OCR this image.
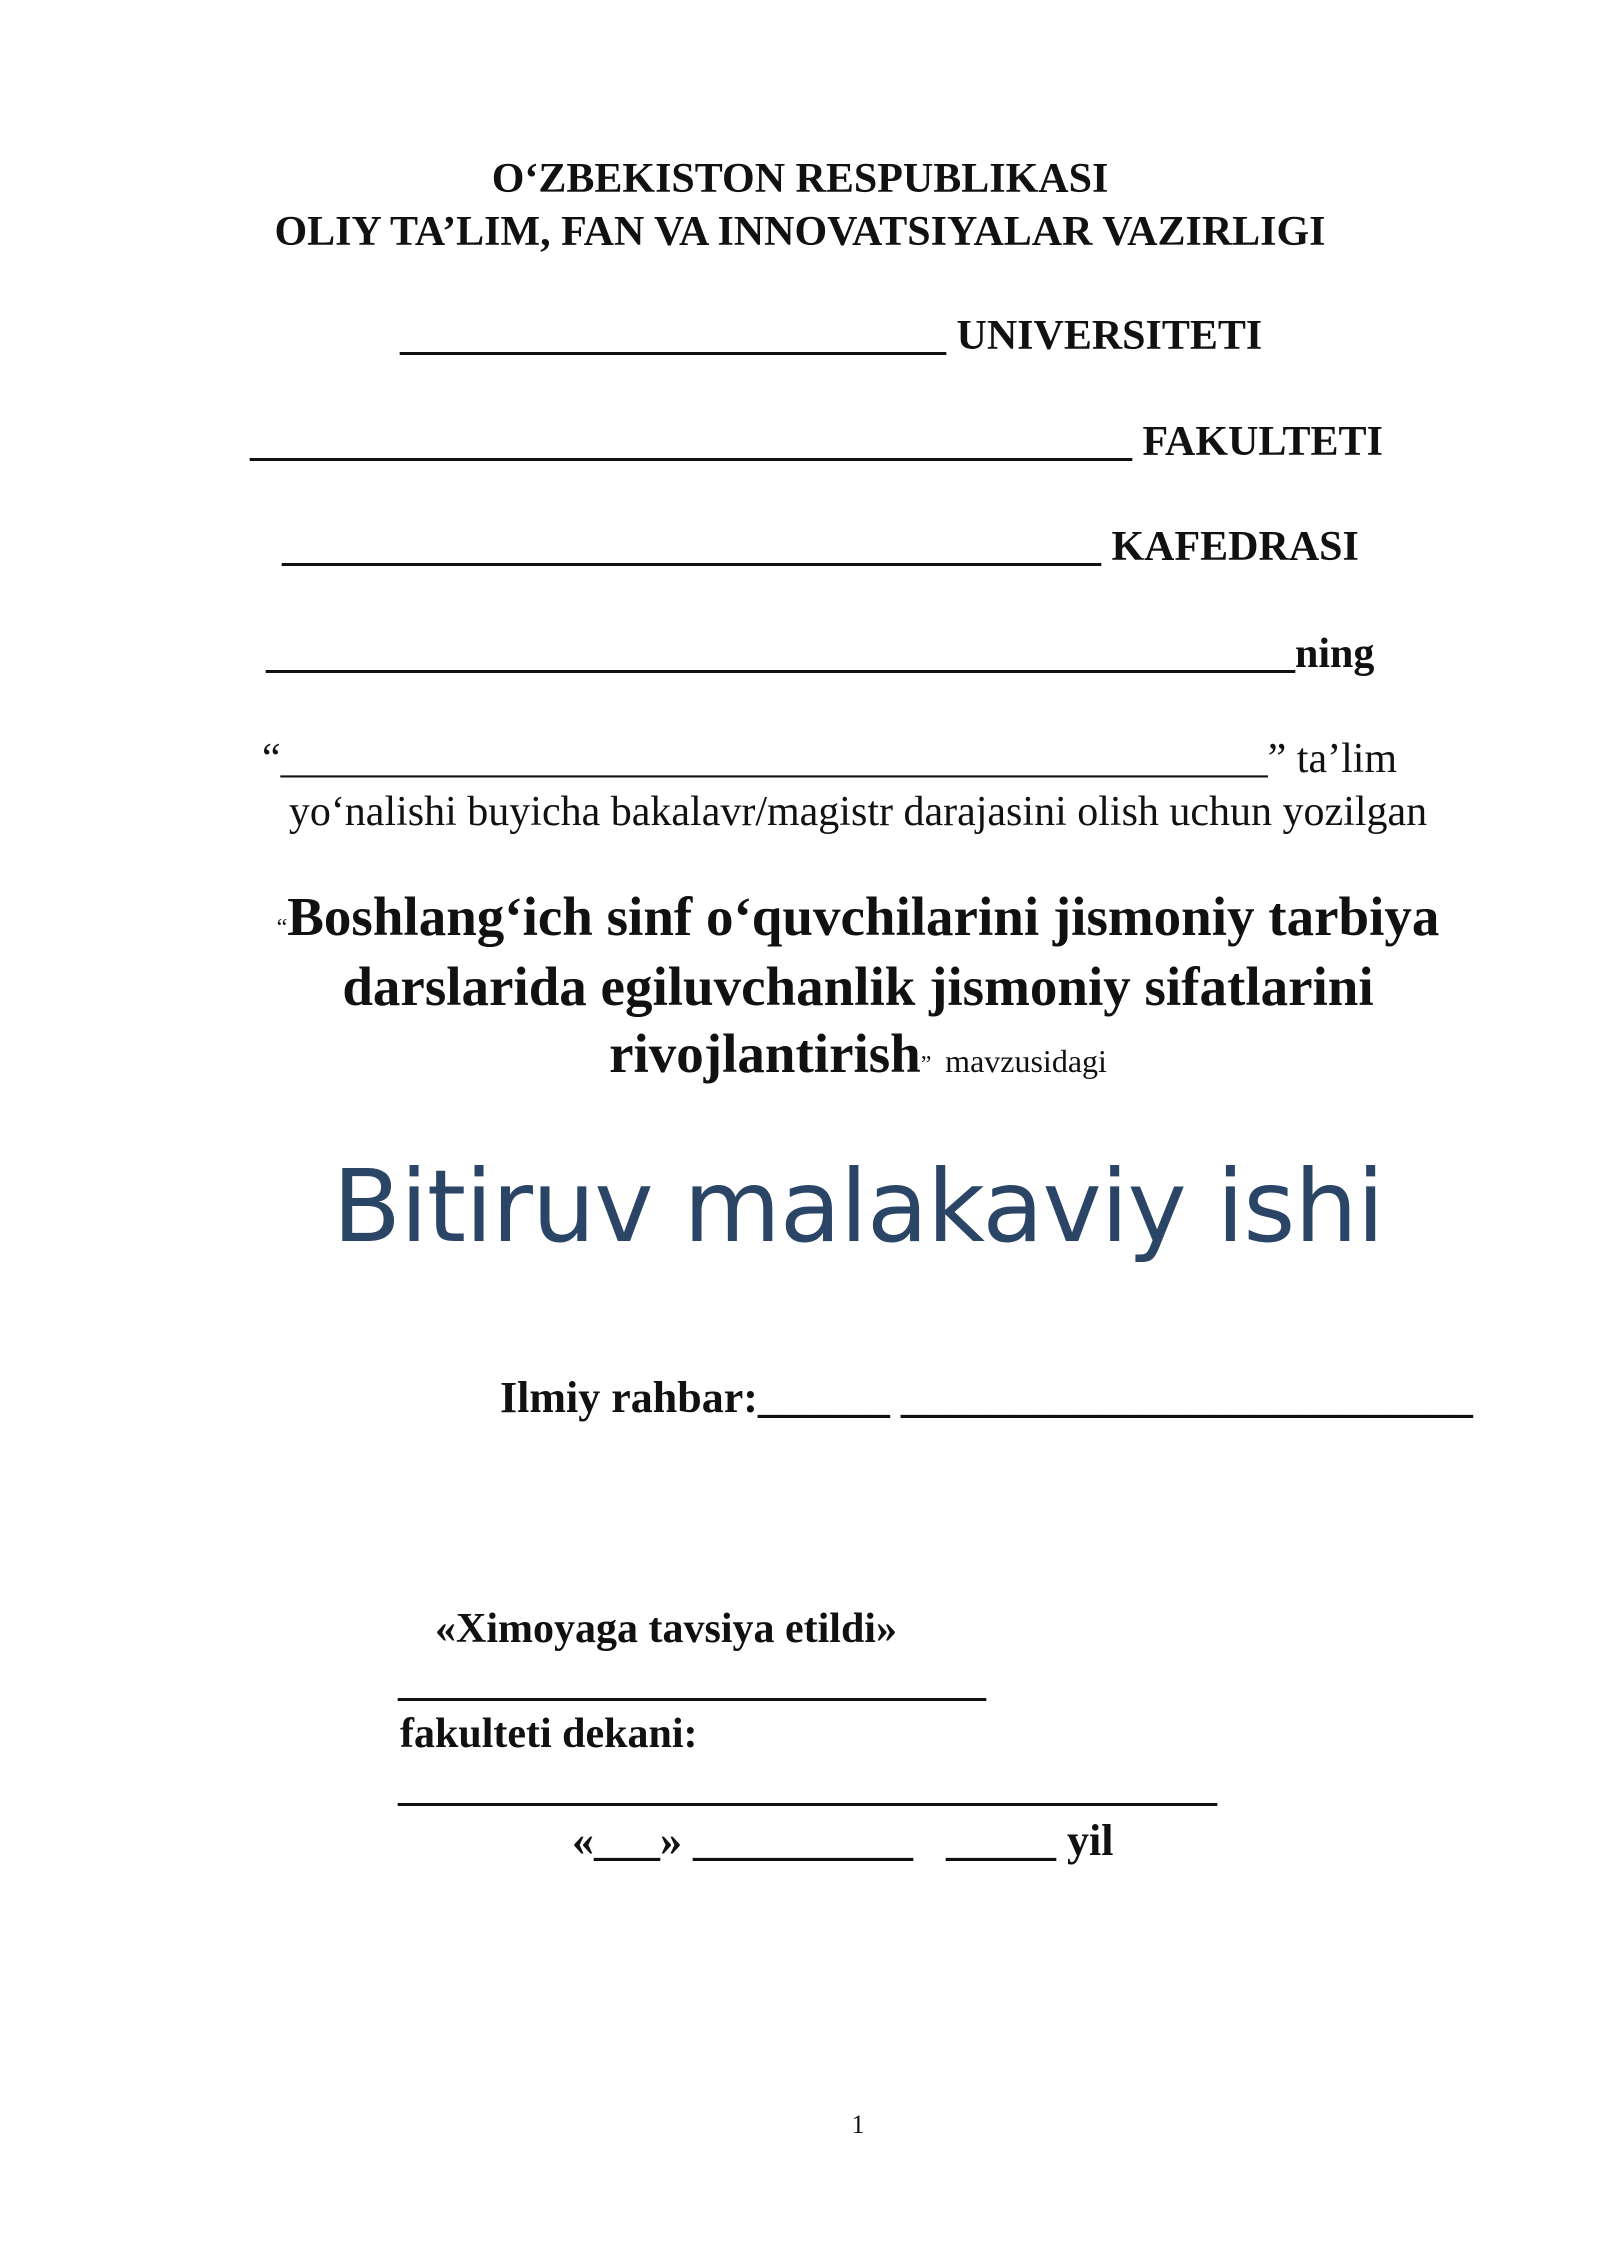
O‘ZBEKISTON RESPUBLIKASI
OLIY TA’LIM, FAN VA INNOVATSIYALAR VAZIRLIGI
__________________________ UNIVERSITETI
__________________________________________ FAKULTETI
_______________________________________ KAFEDRASI
_________________________________________________ning
“_______________________________________________” ta’lim
yo‘nalishi buyicha bakalavr/magistr darajasini olish uchun yozilgan
“Boshlang‘ich sinf o‘quvchilarini jismoniy tarbiya
darslarida egiluvchanlik jismoniy sifatlarini
rivojlantirish” mavzusidagi
Bitiruv malakaviy ishi
Ilmiy rahbar:______ __________________________
«Ximoyaga tavsiya etildi»
____________________________
fakulteti dekani:
_______________________________________
«___» __________ _____ yil
1
